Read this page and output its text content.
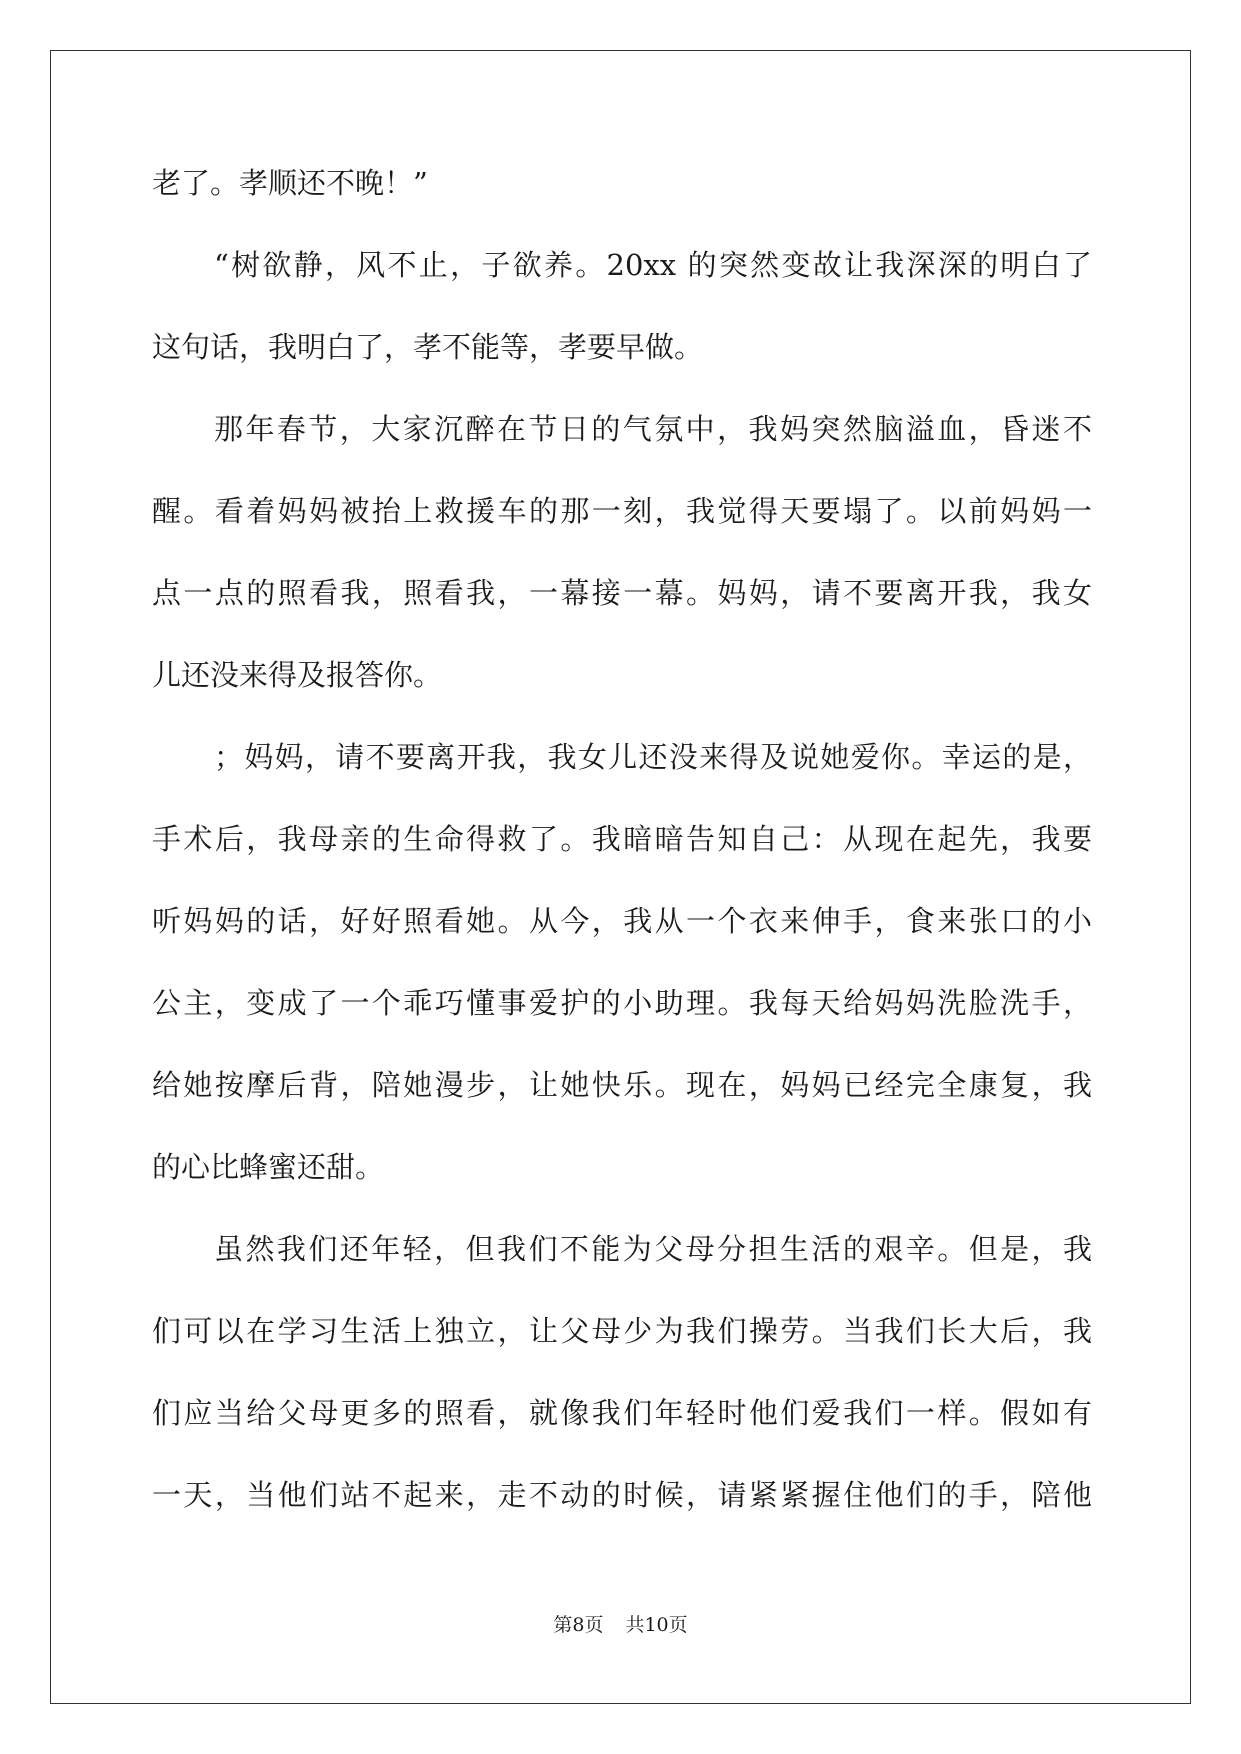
老了。孝顺还不晚！”
“树欲静，风不止，子欲养。20xx 的突然变故让我深深的明白了
这句话，我明白了，孝不能等，孝要早做。
那年春节，大家沉醉在节日的气氛中，我妈突然脑溢血，昏迷不
醒。看着妈妈被抬上救援车的那一刻，我觉得天要塌了。以前妈妈一
点一点的照看我，照看我，一幕接一幕。妈妈，请不要离开我，我女
儿还没来得及报答你。
；妈妈，请不要离开我，我女儿还没来得及说她爱你。幸运的是，
手术后，我母亲的生命得救了。我暗暗告知自己：从现在起先，我要
听妈妈的话，好好照看她。从今，我从一个衣来伸手，食来张口的小
公主，变成了一个乖巧懂事爱护的小助理。我每天给妈妈洗脸洗手，
给她按摩后背，陪她漫步，让她快乐。现在，妈妈已经完全康复，我
的心比蜂蜜还甜。
虽然我们还年轻，但我们不能为父母分担生活的艰辛。但是，我
们可以在学习生活上独立，让父母少为我们操劳。当我们长大后，我
们应当给父母更多的照看，就像我们年轻时他们爱我们一样。假如有
一天，当他们站不起来，走不动的时候，请紧紧握住他们的手，陪他
第8页 共10页
